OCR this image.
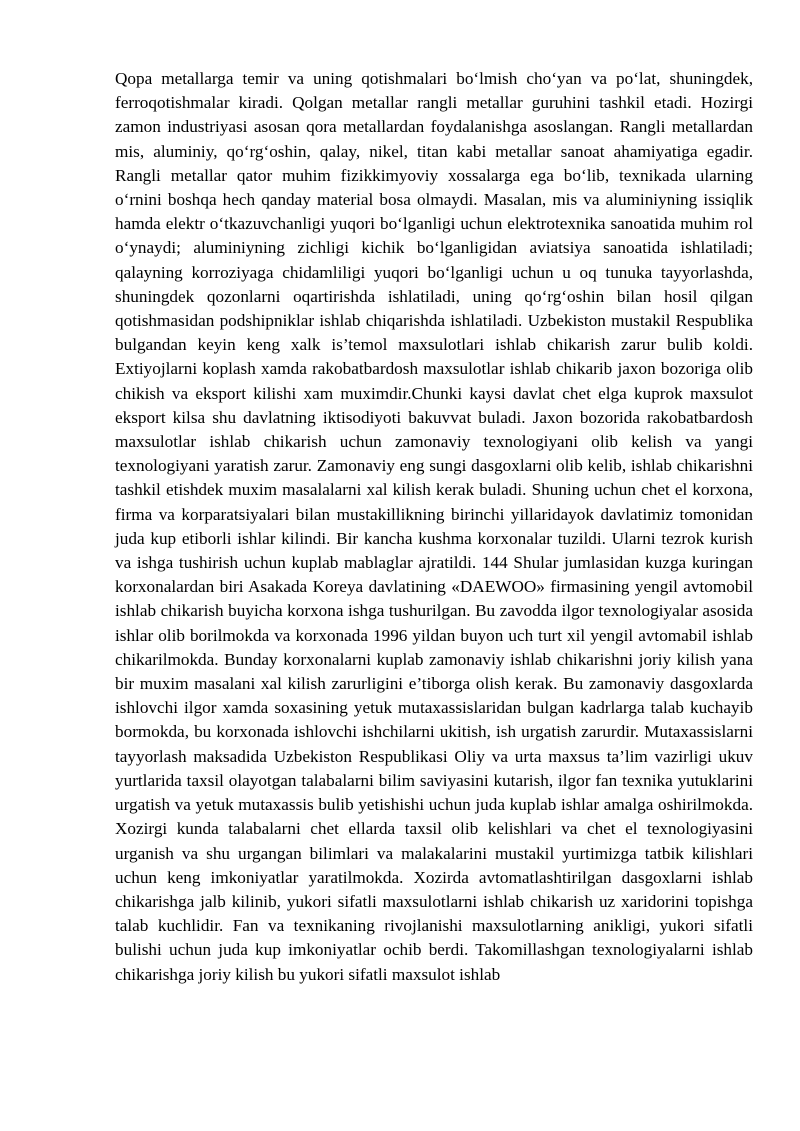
Qopa metallarga temir va uning qotishmalari bo‘lmish cho‘yan va po‘lat, shuningdek, ferroqotishmalar kiradi. Qolgan metallar rangli metallar guruhini tashkil etadi. Hozirgi zamon industriyasi asosan qora metallardan foydalanishga asoslangan. Rangli metallardan mis, aluminiy, qo‘rg‘oshin, qalay, nikel, titan kabi metallar sanoat ahamiyatiga egadir. Rangli metallar qator muhim fizikkimyoviy xossalarga ega bo‘lib, texnikada ularning o‘rnini boshqa hech qanday material bosa olmaydi. Masalan, mis va aluminiyning issiqlik hamda elektr o‘tkazuvchanligi yuqori bo‘lganligi uchun elektrotexnika sanoatida muhim rol o‘ynaydi; aluminiyning zichligi kichik bo‘lganligidan aviatsiya sanoatida ishlatiladi; qalayning korroziyaga chidamliligi yuqori bo‘lganligi uchun u oq tunuka tayyorlashda, shuningdek qozonlarni oqartirishda ishlatiladi, uning qo‘rg‘oshin bilan hosil qilgan qotishmasidan podshipniklar ishlab chiqarishda ishlatiladi. Uzbekiston mustakil Respublika bulgandan keyin keng xalk is’temol maxsulotlari ishlab chikarish zarur bulib koldi. Extiyojlarni koplash xamda rakobatbardosh maxsulotlar ishlab chikarib jaxon bozoriga olib chikish va eksport kilishi xam muximdir.Chunki kaysi davlat chet elga kuprok maxsulot eksport kilsa shu davlatning iktisodiyoti bakuvvat buladi. Jaxon bozorida rakobatbardosh maxsulotlar ishlab chikarish uchun zamonaviy texnologiyani olib kelish va yangi texnologiyani yaratish zarur. Zamonaviy eng sungi dasgoxlarni olib kelib, ishlab chikarishni tashkil etishdek muxim masalalarni xal kilish kerak buladi. Shuning uchun chet el korxona, firma va korparatsiyalari bilan mustakillikning birinchi yillaridayok davlatimiz tomonidan juda kup etiborli ishlar kilindi. Bir kancha kushma korxonalar tuzildi. Ularni tezrok kurish va ishga tushirish uchun kuplab mablaglar ajratildi. 144 Shular jumlasidan kuzga kuringan korxonalardan biri Asakada Koreya davlatining «DAEWOO» firmasining yengil avtomobil ishlab chikarish buyicha korxona ishga tushurilgan. Bu zavodda ilgor texnologiyalar asosida ishlar olib borilmokda va korxonada 1996 yildan buyon uch turt xil yengil avtomabil ishlab chikarilmokda. Bunday korxonalarni kuplab zamonaviy ishlab chikarishni joriy kilish yana bir muxim masalani xal kilish zarurligini e’tiborga olish kerak. Bu zamonaviy dasgoxlarda ishlovchi ilgor xamda soxasining yetuk mutaxassislaridan bulgan kadrlarga talab kuchayib bormokda, bu korxonada ishlovchi ishchilarni ukitish, ish urgatish zarurdir. Mutaxassislarni tayyorlash maksadida Uzbekiston Respublikasi Oliy va urta maxsus ta’lim vazirligi ukuv yurtlarida taxsil olayotgan talabalarni bilim saviyasini kutarish, ilgor fan texnika yutuklarini urgatish va yetuk mutaxassis bulib yetishishi uchun juda kuplab ishlar amalga oshirilmokda. Xozirgi kunda talabalarni chet ellarda taxsil olib kelishlari va chet el texnologiyasini urganish va shu urgangan bilimlari va malakalarini mustakil yurtimizga tatbik kilishlari uchun keng imkoniyatlar yaratilmokda. Xozirda avtomatlashtirilgan dasgoxlarni ishlab chikarishga jalb kilinib, yukori sifatli maxsulotlarni ishlab chikarish uz xaridorini topishga talab kuchlidir. Fan va texnikaning rivojlanishi maxsulotlarning anikligi, yukori sifatli bulishi uchun juda kup imkoniyatlar ochib berdi. Takomillashgan texnologiyalarni ishlab chikarishga joriy kilish bu yukori sifatli maxsulot ishlab
